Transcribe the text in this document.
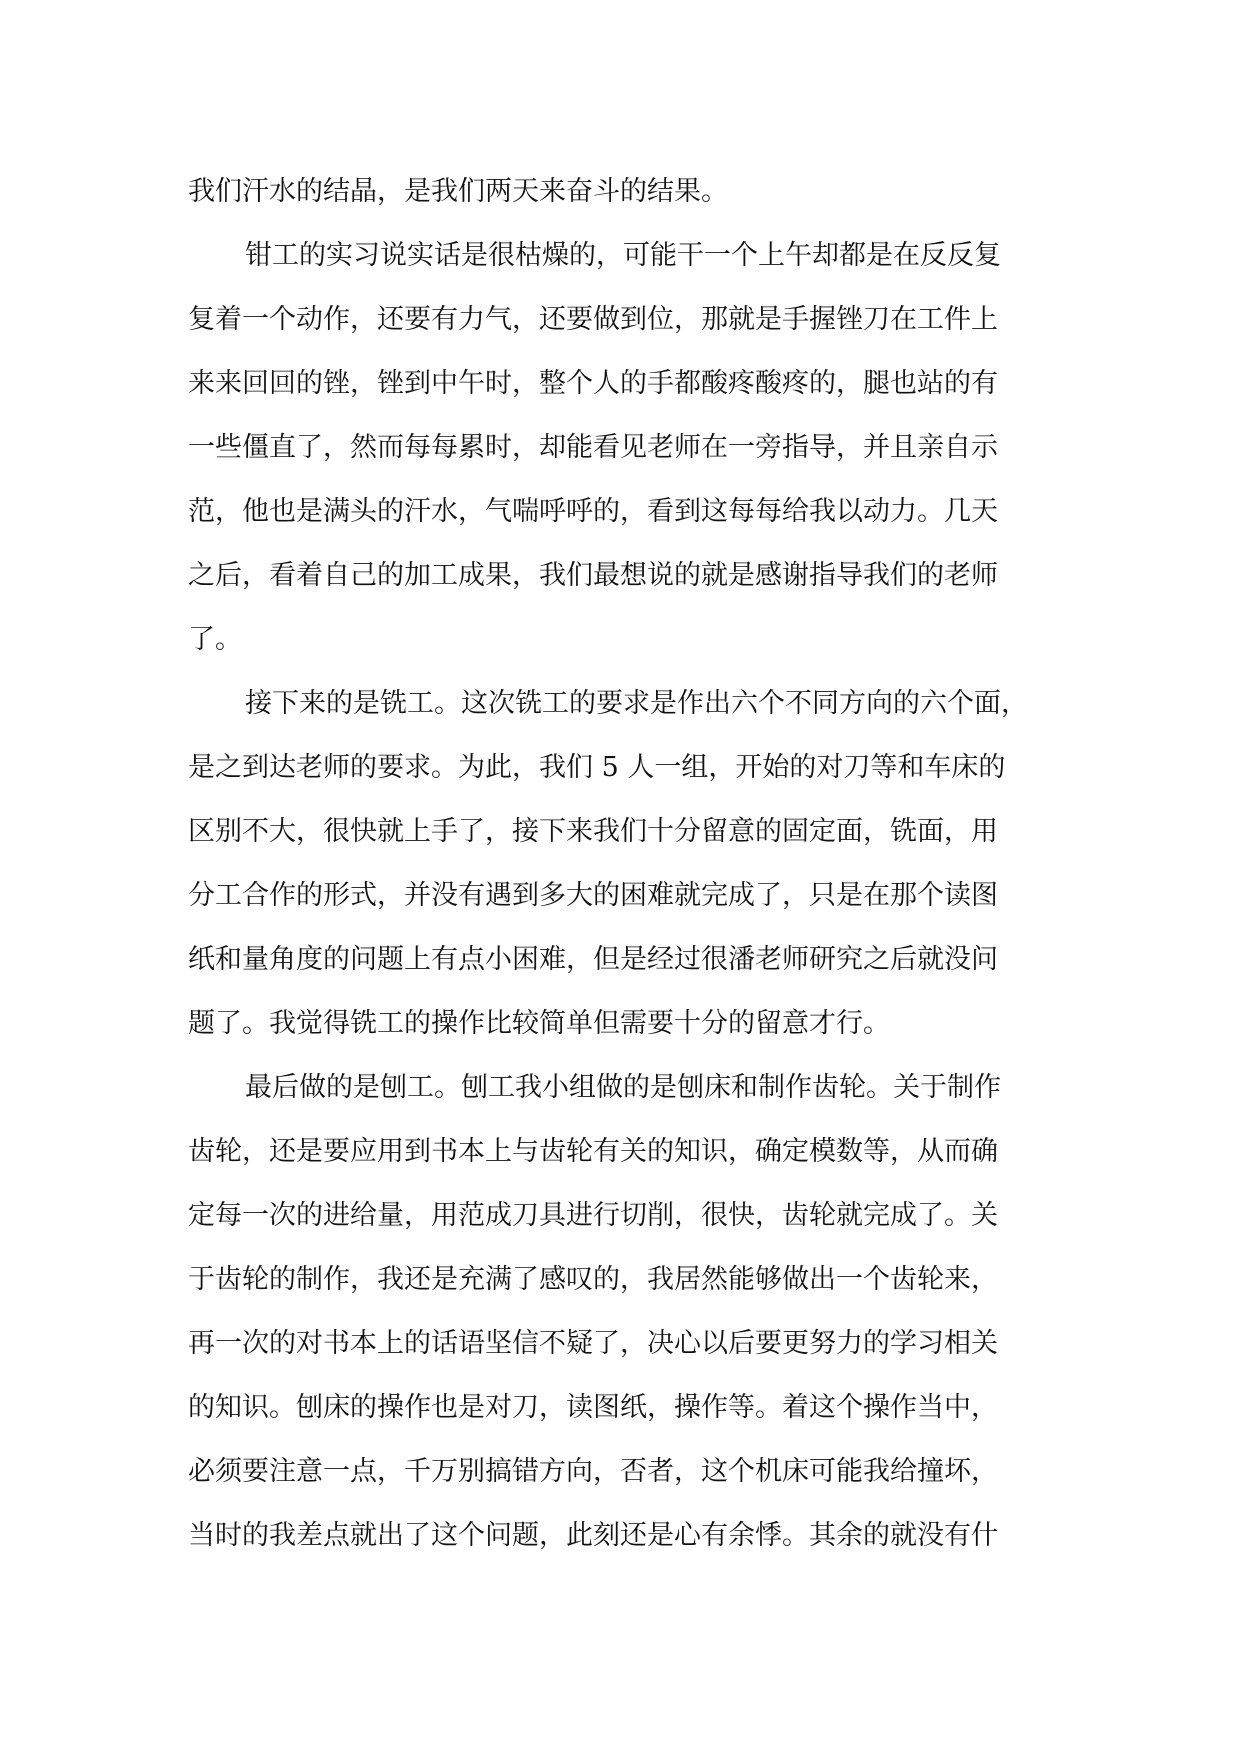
我们汗水的结晶，是我们两天来奋斗的结果。
钳工的实习说实话是很枯燥的，可能干一个上午却都是在反反复
复着一个动作，还要有力气，还要做到位，那就是手握锉刀在工件上
来来回回的锉，锉到中午时，整个人的手都酸疼酸疼的，腿也站的有
一些僵直了，然而每每累时，却能看见老师在一旁指导，并且亲自示
范，他也是满头的汗水，气喘呼呼的，看到这每每给我以动力。几天
之后，看着自己的加工成果，我们最想说的就是感谢指导我们的老师
了。
接下来的是铣工。这次铣工的要求是作出六个不同方向的六个面，
是之到达老师的要求。为此，我们 5 人一组，开始的对刀等和车床的
区别不大，很快就上手了，接下来我们十分留意的固定面，铣面，用
分工合作的形式，并没有遇到多大的困难就完成了，只是在那个读图
纸和量角度的问题上有点小困难，但是经过很潘老师研究之后就没问
题了。我觉得铣工的操作比较简单但需要十分的留意才行。
最后做的是刨工。刨工我小组做的是刨床和制作齿轮。关于制作
齿轮，还是要应用到书本上与齿轮有关的知识，确定模数等，从而确
定每一次的进给量，用范成刀具进行切削，很快，齿轮就完成了。关
于齿轮的制作，我还是充满了感叹的，我居然能够做出一个齿轮来，
再一次的对书本上的话语坚信不疑了，决心以后要更努力的学习相关
的知识。刨床的操作也是对刀，读图纸，操作等。着这个操作当中，
必须要注意一点，千万别搞错方向，否者，这个机床可能我给撞坏，
当时的我差点就出了这个问题，此刻还是心有余悸。其余的就没有什
